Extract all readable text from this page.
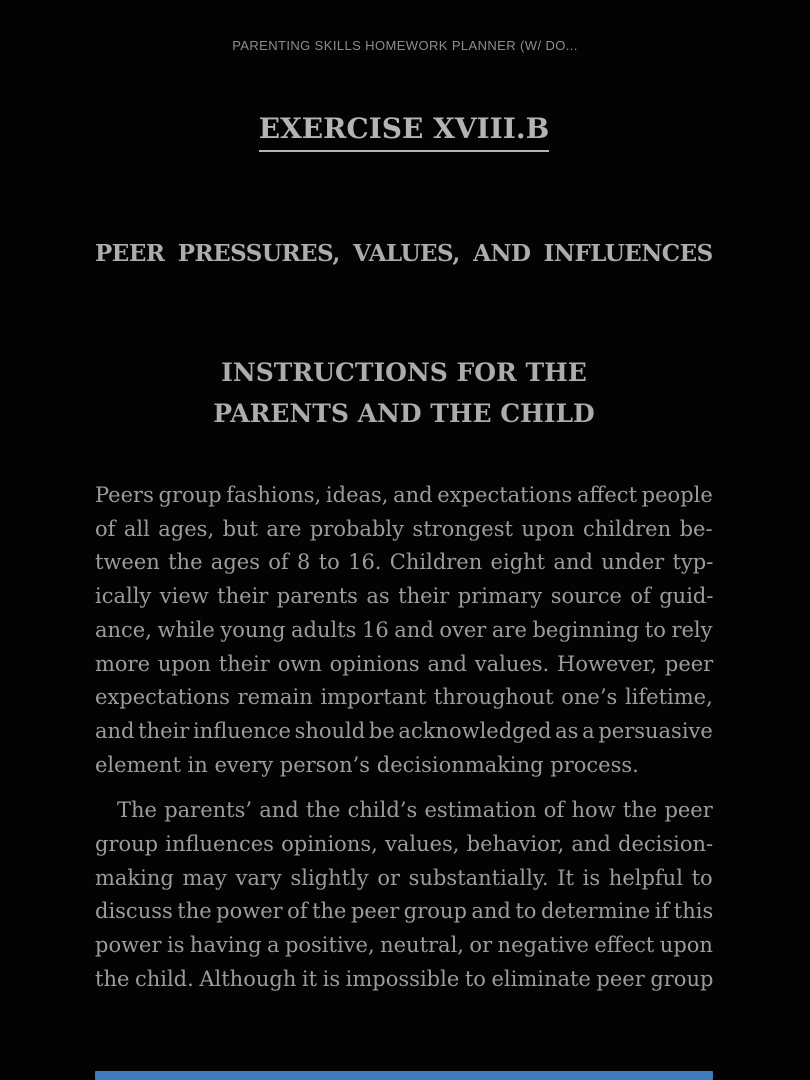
PARENTING SKILLS HOMEWORK PLANNER (W/ DO...
EXERCISE XVIII.B
PEER PRESSURES, VALUES, AND INFLUENCES
INSTRUCTIONS FOR THE
PARENTS AND THE CHILD
Peers group fashions, ideas, and expectations affect people
of all ages, but are probably strongest upon children be-
tween the ages of 8 to 16. Children eight and under typ-
ically view their parents as their primary source of guid-
ance, while young adults 16 and over are beginning to rely
more upon their own opinions and values. However, peer
expectations remain important throughout one’s lifetime,
and their influence should be acknowledged as a persuasive
element in every person’s decisionmaking process.
The parents’ and the child’s estimation of how the peer
group influences opinions, values, behavior, and decision-
making may vary slightly or substantially. It is helpful to
discuss the power of the peer group and to determine if this
power is having a positive, neutral, or negative effect upon
the child. Although it is impossible to eliminate peer group
